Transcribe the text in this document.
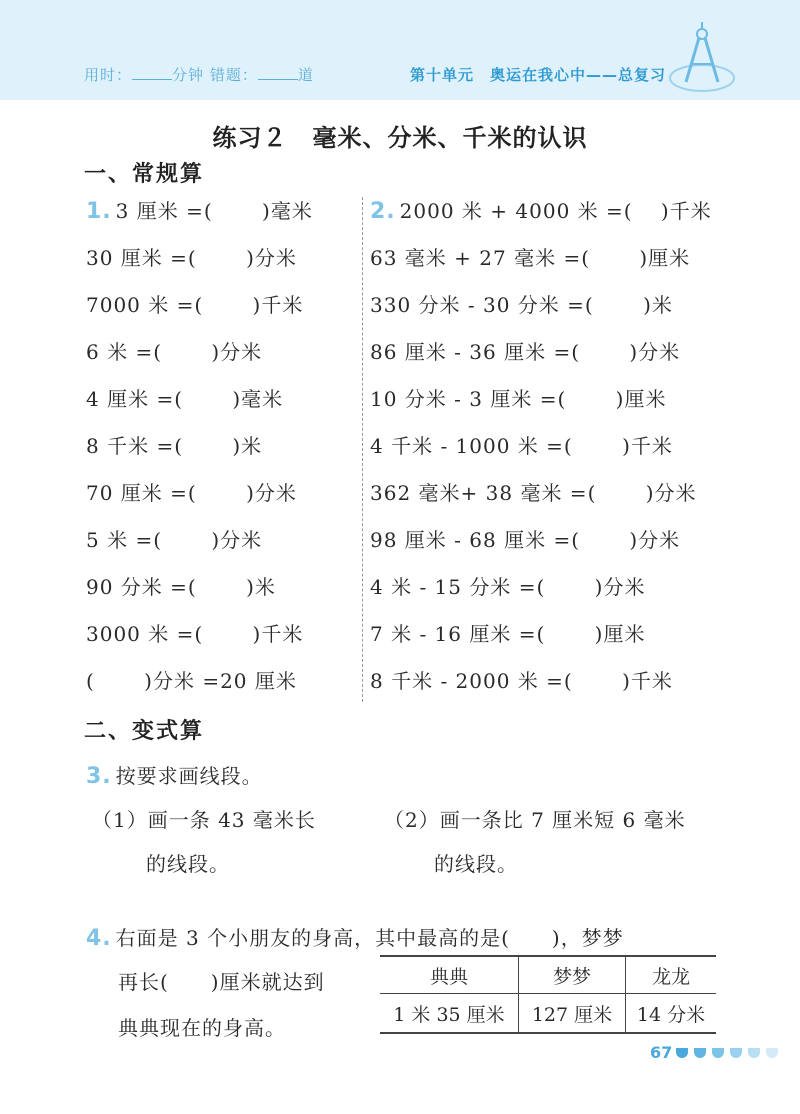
用时：	分钟 错题：	道	第十单元　奥运在我心中——总复习
练习２　毫米、分米、千米的认识
一、常规算
1. 3 厘米 =(　　 )毫米
30 厘米 =(　　 )分米
7000 米 =(　　 )千米
6 米 =(　　 )分米
4 厘米 =(　　 )毫米
8 千米 =(　　 )米
70 厘米 =(　　 )分米
5 米 =(　　 )分米
90 分米 =(　　 )米
3000 米 =(　　 )千米
(　　 )分米 =20 厘米
2. 2000 米 + 4000 米 =(　 )千米
63 毫米 + 27 毫米 =(　　 )厘米
330 分米 - 30 分米 =(　　 )米
86 厘米 - 36 厘米 =(　　 )分米
10 分米 - 3 厘米 =(　　 )厘米
4 千米 - 1000 米 =(　　 )千米
362 毫米+ 38 毫米 =(　　 )分米
98 厘米 - 68 厘米 =(　　 )分米
4 米 - 15 分米 =(　　 )分米
7 米 - 16 厘米 =(　　 )厘米
8 千米 - 2000 米 =(　　 )千米
二、变式算
3. 按要求画线段。
（1）画一条 43 毫米长
的线段。
（2）画一条比 7 厘米短 6 毫米
的线段。
4. 右面是 3 个小朋友的身高，其中最高的是(　　)，梦梦
再长(　　)厘米就达到
典典现在的身高。
典典	梦梦	龙龙
1 米 35 厘米	127 厘米	14 分米
67
